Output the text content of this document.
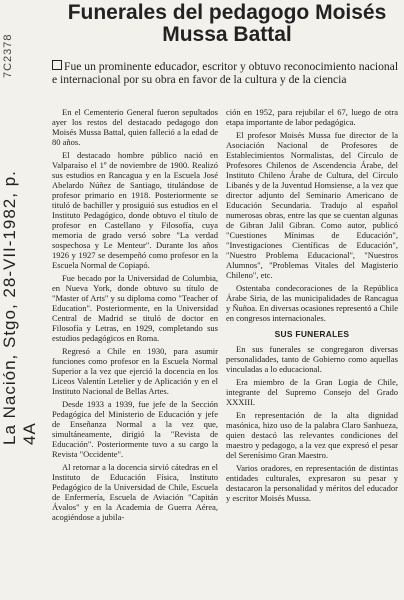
7C2378
La Nación, Stgo, 28-VII-1982, p. 4A
Funerales del pedagogo Moisés Mussa Battal
Fue un prominente educador, escritor y obtuvo reconocimiento nacional e internacional por su obra en favor de la cultura y de la ciencia

En el Cementerio General fueron sepultados ayer los restos del destacado pedagogo don Moisés Mussa Battal, quien falleció a la edad de 80 años.

El destacado hombre público nació en Valparaíso el 1º de noviembre de 1900. Realizó sus estudios en Rancagua y en la Escuela José Abelardo Núñez de Santiago, titulándose de profesor primario en 1918. Posteriormente se tituló de bachiller y prosiguió sus estudios en el Instituto Pedagógico, donde obtuvo el título de profesor en Castellano y Filosofía, cuya memoria de grado versó sobre "La verdad sospechosa y Le Menteur". Durante los años 1926 y 1927 se desempeñó como profesor en la Escuela Normal de Copiapó.

Fue becado por la Universidad de Columbia, en Nueva York, donde obtuvo su título de "Master of Arts" y su diploma como "Teacher of Education". Posteriormente, en la Universidad Central de Madrid se tituló de doctor en Filosofía y Letras, en 1929, completando sus estudios pedagógicos en Roma.

Regresó a Chile en 1930, para asumir funciones como profesor en la Escuela Normal Superior a la vez que ejerció la docencia en los Liceos Valentín Letelier y de Aplicación y en el Instituto Nacional de Bellas Artes.

Desde 1933 a 1939, fue jefe de la Sección Pedagógica del Ministerio de Educación y jefe de Enseñanza Normal a la vez que, simultáneamente, dirigió la "Revista de Educación". Posteriormente tuvo a su cargo la Revista "Occidente".

Al retornar a la docencia sirvió cátedras en el Instituto de Educación Física, Instituto Pedagógico de la Universidad de Chile, Escuela de Enfermería, Escuela de Aviación "Capitán Ávalos" y en la Academia de Guerra Aérea, acogiéndose a jubila-

ción en 1952, para rejubilar el 67, luego de otra etapa importante de labor pedagógica.

El profesor Moisés Mussa fue director de la Asociación Nacional de Profesores de Establecimientos Normalistas, del Círculo de Profesores Chilenos de Ascendencia Árabe, del Instituto Chileno Árabe de Cultura, del Círculo Libanés y de la Juventud Homsiense, a la vez que director adjunto del Seminario Americano de Educación Secundaria. Tradujo al español numerosas obras, entre las que se cuentan algunas de Gibran Jalil Gibran. Como autor, publicó "Cuestiones Mínimas de Educación", "Investigaciones Científicas de Educación", "Nuestro Problema Educacional", "Nuestros Alumnos", "Problemas Vitales del Magisterio Chileno", etc.

Ostentaba condecoraciones de la República Árabe Siria, de las municipalidades de Rancagua y Ñuñoa. En diversas ocasiones representó a Chile en congresos internacionales.

SUS FUNERALES

En sus funerales se congregaron diversas personalidades, tanto de Gobierno como aquellas vinculadas a lo educacional.

Era miembro de la Gran Logia de Chile, integrante del Supremo Consejo del Grado XXXIII.

En representación de la alta dignidad masónica, hizo uso de la palabra Claro Sanhueza, quien destacó las relevantes condiciones del maestro y pedagogo, a la vez que expresó el pesar del Serenísimo Gran Maestro.

Varios oradores, en representación de distintas entidades culturales, expresaron su pesar y destacaron la personalidad y méritos del educador y escritor Moisés Mussa.
